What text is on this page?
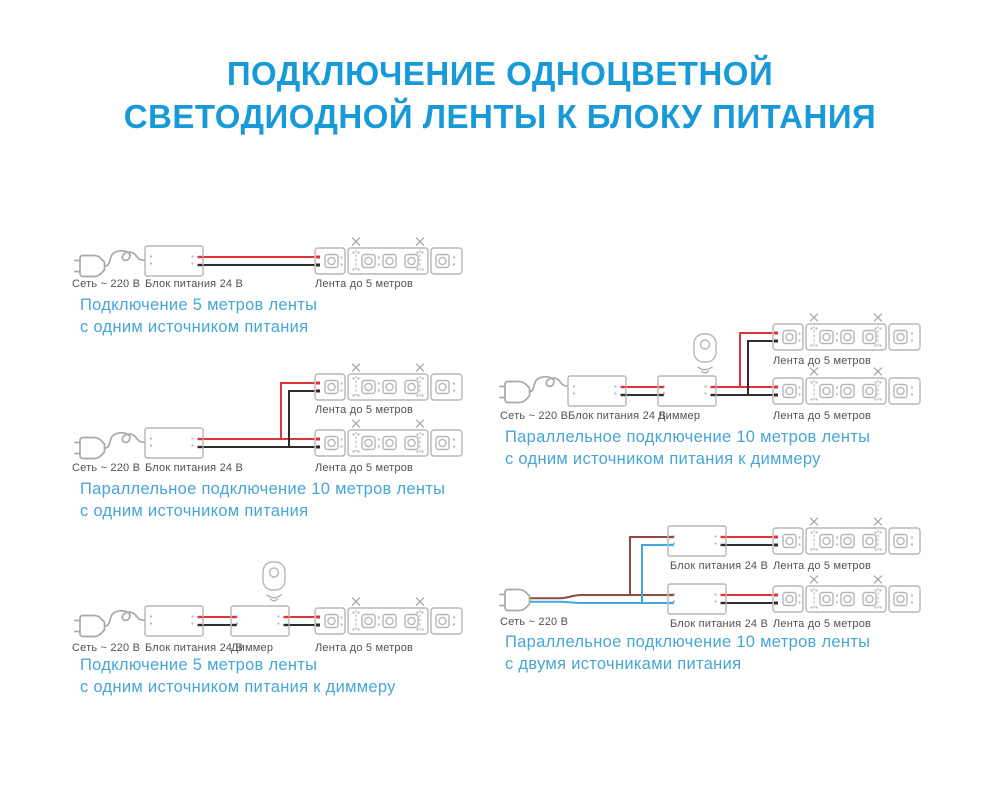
ПОДКЛЮЧЕНИЕ ОДНОЦВЕТНОЙ
СВЕТОДИОДНОЙ ЛЕНТЫ К БЛОКУ ПИТАНИЯ
Сеть ~ 220 В Блок питания 24 В	Лента до 5 метров
Подключение 5 метров ленты
с одним источником питания
Лента до 5 метров
Сеть ~ 220 В Блок питания 24 В	Лента до 5 метров
Параллельное подключение 10 метров ленты
с одним источником питания
Сеть ~ 220 В Блок питания 24 В
Диммер	Лента до 5 метров
Подключение 5 метров ленты
с одним источником питания к диммеру
Лента до 5 метров
Сеть ~ 220 В Блок питания 24 В
Диммер	Лента до 5 метров
Параллельное подключение 10 метров ленты
с одним источником питания к диммеру
Блок питания 24 В Лента до 5 метров
Сеть ~ 220 В	Блок питания 24 В Лента до 5 метров
Параллельное подключение 10 метров ленты
с двумя источниками питания
